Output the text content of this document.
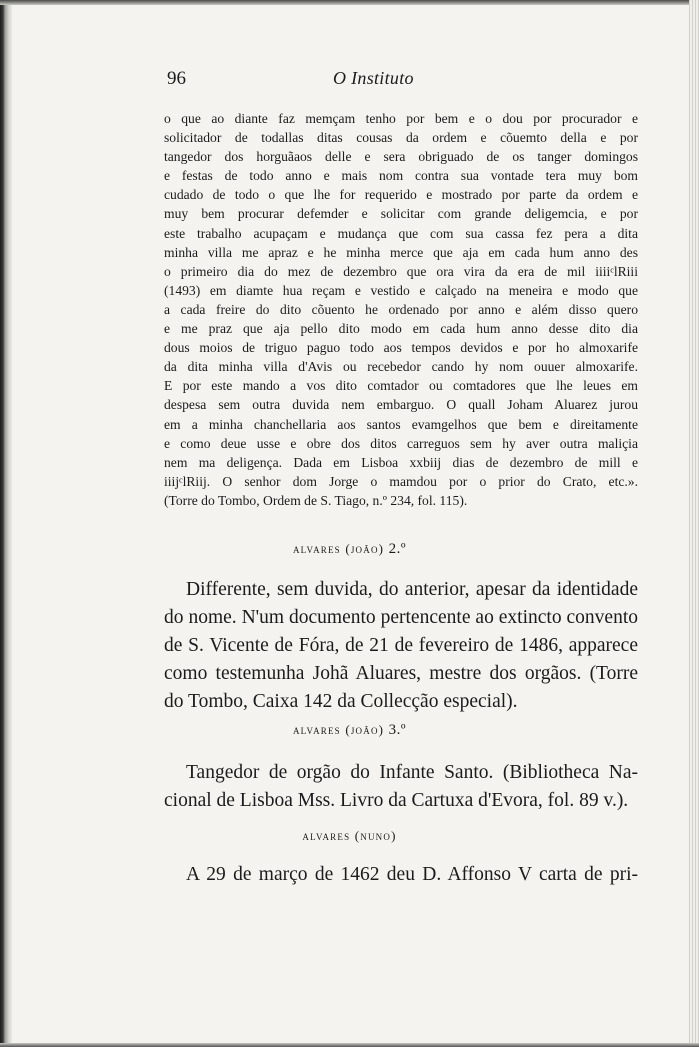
96	O Instituto
o que ao diante faz memçam tenho por bem e o dou por procurador e
solicitador de todallas ditas cousas da ordem e cõuemto della e por
tangedor dos horguãaos delle e sera obriguado de os tanger domingos
e festas de todo anno e mais nom contra sua vontade tera muy bom
cudado de todo o que lhe for requerido e mostrado por parte da ordem e
muy bem procurar defemder e solicitar com grande deligemcia, e por
este trabalho acupaçam e mudança que com sua cassa fez pera a dita
minha villa me apraz e he minha merce que aja em cada hum anno des
o primeiro dia do mez de dezembro que ora vira da era de mil iiiiᶜlRiii
(1493) em diamte hua reçam e vestido e calçado na meneira e modo que
a cada freire do dito cõuento he ordenado por anno e além disso quero
e me praz que aja pello dito modo em cada hum anno desse dito dia
dous moios de triguo paguo todo aos tempos devidos e por ho almoxarife
da dita minha villa d'Avis ou recebedor cando hy nom ouuer almoxarife.
E por este mando a vos dito comtador ou comtadores que lhe leues em
despesa sem outra duvida nem embarguo. O quall Joham Aluarez jurou
em a minha chanchellaria aos santos evamgelhos que bem e direitamente
e como deue usse e obre dos ditos carreguos sem hy aver outra maliçia
nem ma deligença. Dada em Lisboa xxbiij dias de dezembro de mill e
iiijᶜlRiij. O senhor dom Jorge o mamdou por o prior do Crato, etc.».
(Torre do Tombo, Ordem de S. Tiago, n.º 234, fol. 115).
alvares (joão) 2.º
Differente, sem duvida, do anterior, apesar da identidade
do nome. N'um documento pertencente ao extincto convento
de S. Vicente de Fóra, de 21 de fevereiro de 1486, apparece
como testemunha Johã Aluares, mestre dos orgãos. (Torre
do Tombo, Caixa 142 da Collecção especial).
alvares (joão) 3.º
Tangedor de orgão do Infante Santo. (Bibliotheca Na-
cional de Lisboa Mss. Livro da Cartuxa d'Evora, fol. 89 v.).
alvares (nuno)
A 29 de março de 1462 deu D. Affonso V carta de pri-
